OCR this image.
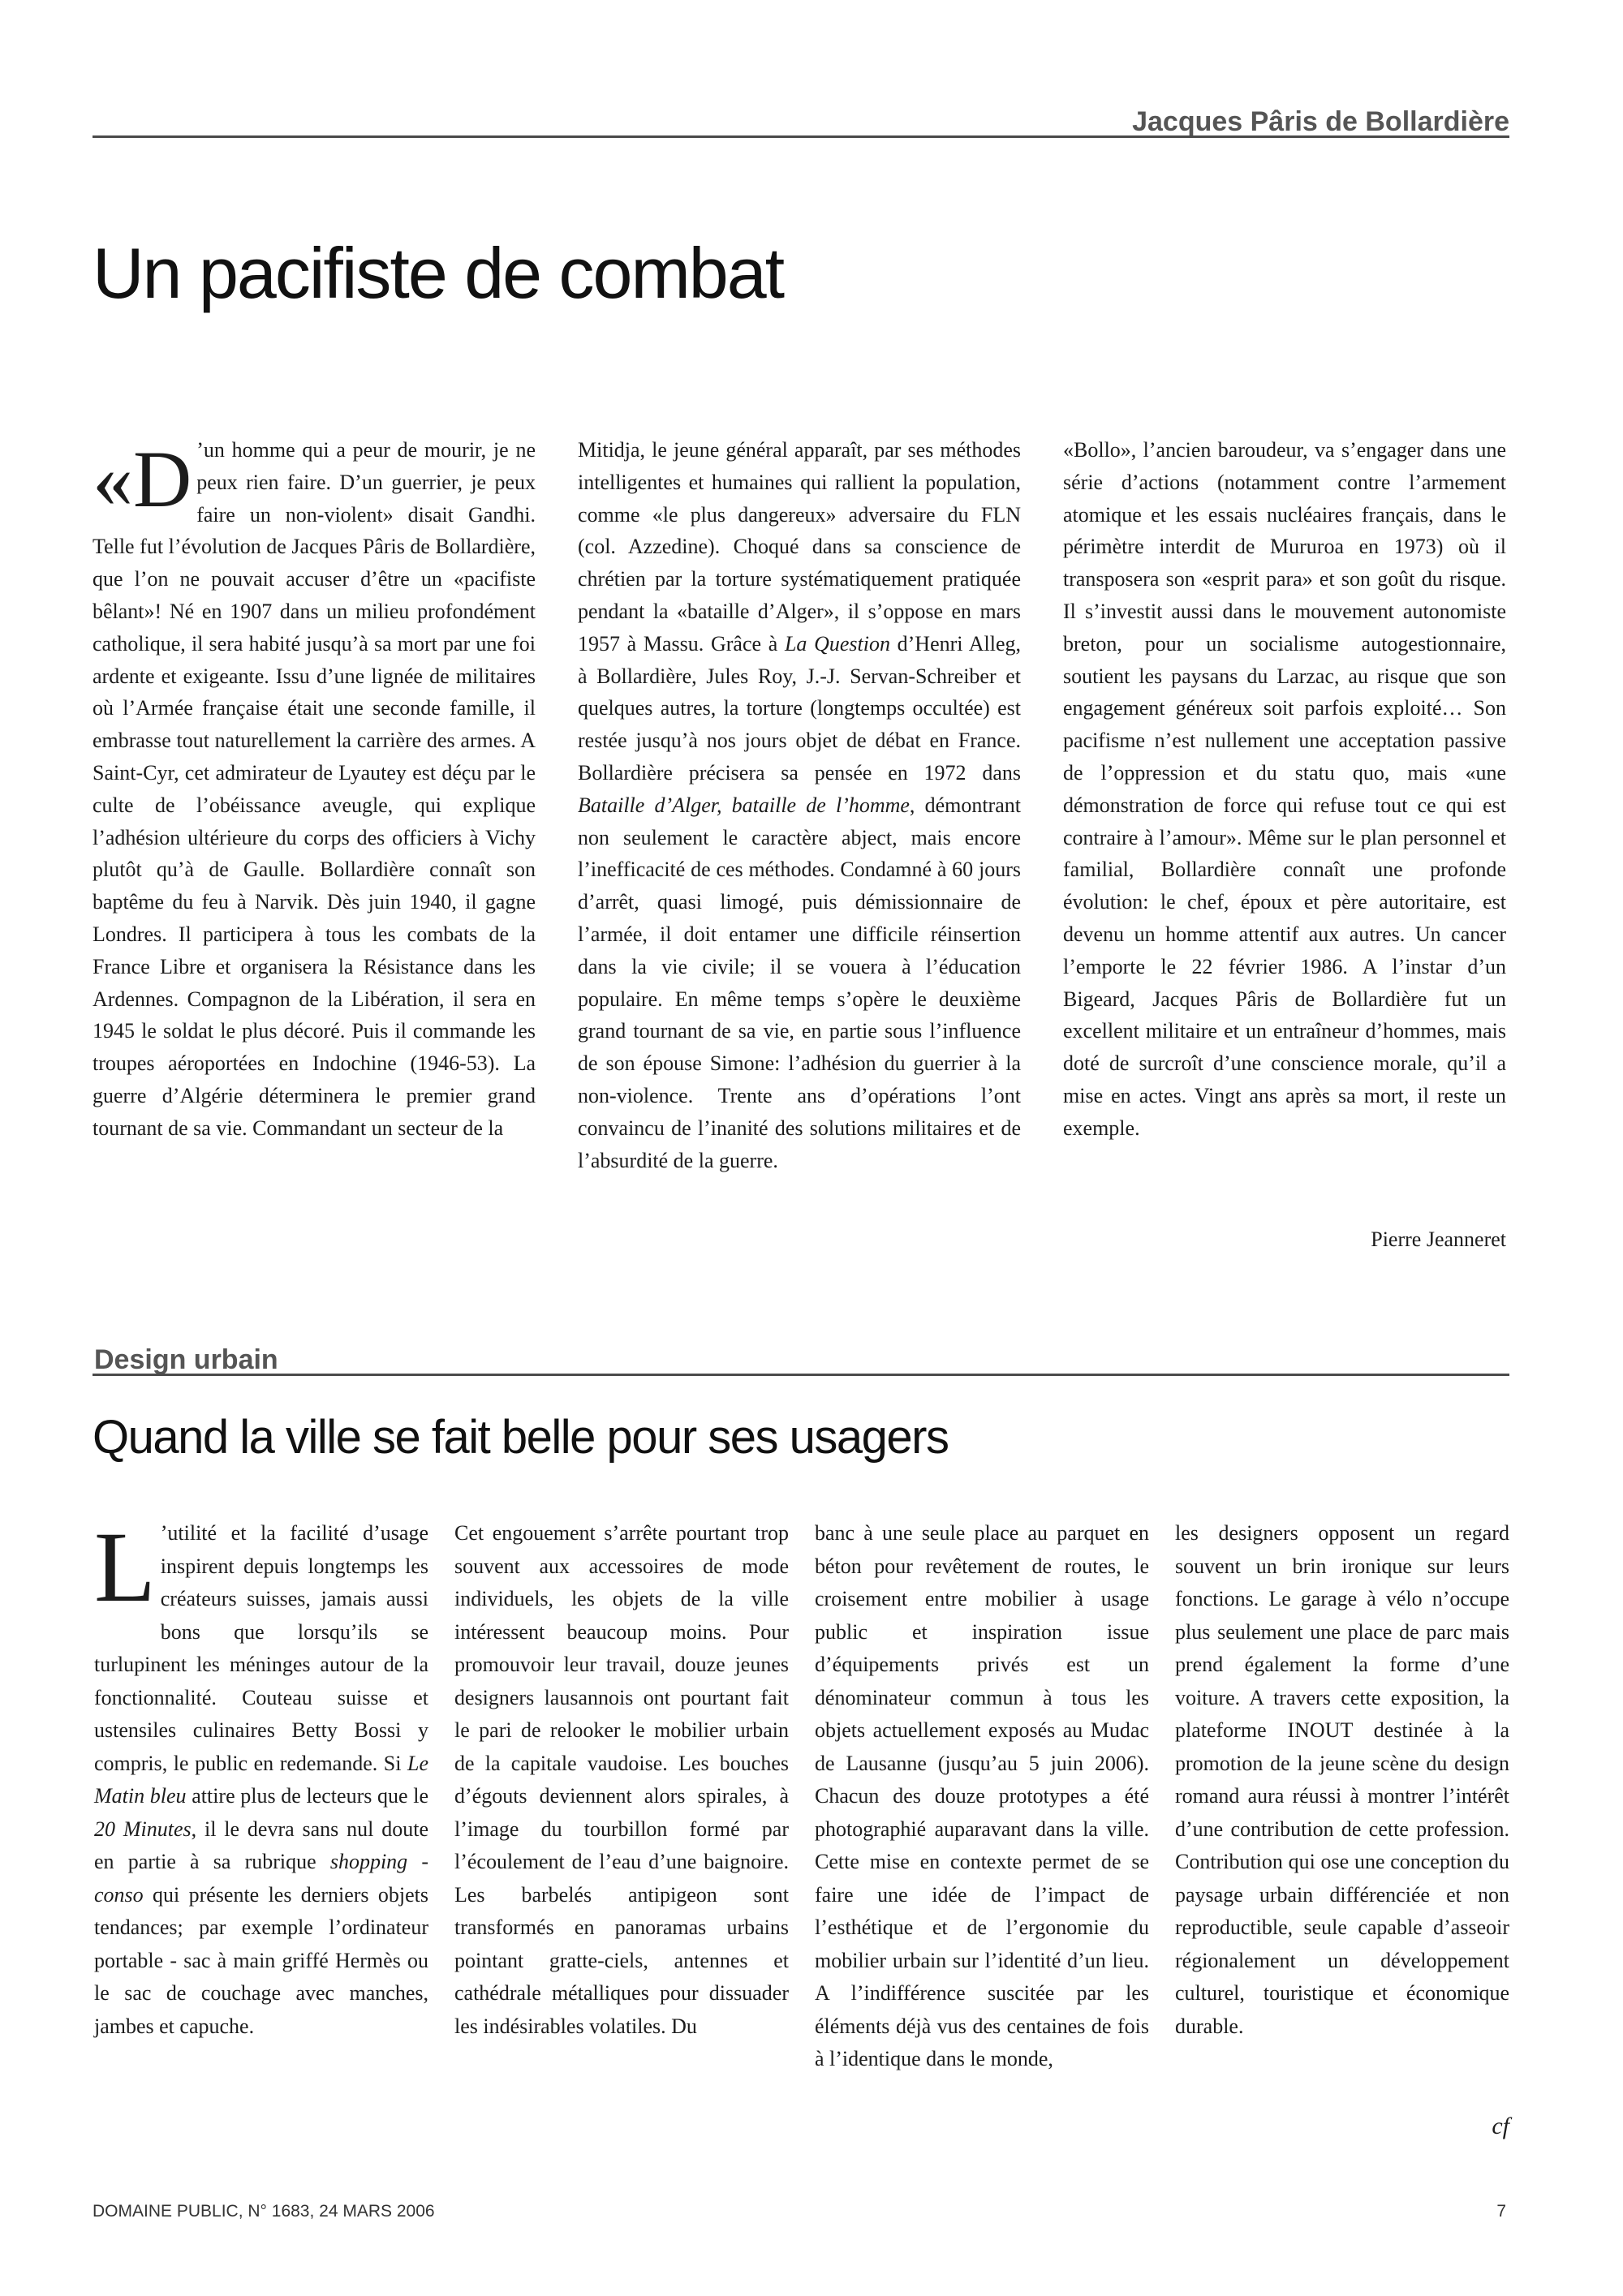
Jacques Pâris de Bollardière
Un pacifiste de combat

«D ’un homme qui a peur de mourir, je ne peux rien faire. D’un guerrier, je peux faire un non-violent» disait Gandhi. Telle fut l’évolution de Jacques Pâris de Bollardière, que l’on ne pouvait accuser d’être un «pacifiste bêlant»! Né en 1907 dans un milieu profondément catholique, il sera habité jusqu’à sa mort par une foi ardente et exigeante. Issu d’une lignée de militaires où l’Armée française était une seconde famille, il embrasse tout naturellement la carrière des armes. A Saint-Cyr, cet admirateur de Lyautey est déçu par le culte de l’obéissance aveugle, qui explique l’adhésion ultérieure du corps des officiers à Vichy plutôt qu’à de Gaulle. Bollardière connaît son baptême du feu à Narvik. Dès juin 1940, il gagne Londres. Il participera à tous les combats de la France Libre et organisera la Résistance dans les Ardennes. Compagnon de la Libération, il sera en 1945 le soldat le plus décoré. Puis il commande les troupes aéroportées en Indochine (1946-53). La guerre d’Algérie déterminera le premier grand tournant de sa vie. Commandant un secteur de la

Mitidja, le jeune général apparaît, par ses méthodes intelligentes et humaines qui rallient la population, comme «le plus dangereux» adversaire du FLN (col. Azzedine). Choqué dans sa conscience de chrétien par la torture systématiquement pratiquée pendant la «bataille d’Alger», il s’oppose en mars 1957 à Massu. Grâce à La Question d’Henri Alleg, à Bollardière, Jules Roy, J.-J. Servan-Schreiber et quelques autres, la torture (longtemps occultée) est restée jusqu’à nos jours objet de débat en France. Bollardière précisera sa pensée en 1972 dans Bataille d’Alger, bataille de l’homme, démontrant non seulement le caractère abject, mais encore l’inefficacité de ces méthodes. Condamné à 60 jours d’arrêt, quasi limogé, puis démissionnaire de l’armée, il doit entamer une difficile réinsertion dans la vie civile; il se vouera à l’éducation populaire. En même temps s’opère le deuxième grand tournant de sa vie, en partie sous l’influence de son épouse Simone: l’adhésion du guerrier à la non-violence. Trente ans d’opérations l’ont convaincu de l’inanité des solutions militaires et de l’absurdité de la guerre.

«Bollo», l’ancien baroudeur, va s’engager dans une série d’actions (notamment contre l’armement atomique et les essais nucléaires français, dans le périmètre interdit de Mururoa en 1973) où il transposera son «esprit para» et son goût du risque. Il s’investit aussi dans le mouvement autonomiste breton, pour un socialisme autogestionnaire, soutient les paysans du Larzac, au risque que son engagement généreux soit parfois exploité… Son pacifisme n’est nullement une acceptation passive de l’oppression et du statu quo, mais «une démonstration de force qui refuse tout ce qui est contraire à l’amour». Même sur le plan personnel et familial, Bollardière connaît une profonde évolution: le chef, époux et père autoritaire, est devenu un homme attentif aux autres. Un cancer l’emporte le 22 février 1986. A l’instar d’un Bigeard, Jacques Pâris de Bollardière fut un excellent militaire et un entraîneur d’hommes, mais doté de surcroît d’une conscience morale, qu’il a mise en actes. Vingt ans après sa mort, il reste un exemple.

Pierre Jeanneret
Design urbain
Quand la ville se fait belle pour ses usagers

L ’utilité et la facilité d’usage inspirent depuis longtemps les créateurs suisses, jamais aussi bons que lorsqu’ils se turlupinent les méninges autour de la fonctionnalité. Couteau suisse et ustensiles culinaires Betty Bossi y compris, le public en redemande. Si Le Matin bleu attire plus de lecteurs que le 20 Minutes, il le devra sans nul doute en partie à sa rubrique shopping - conso qui présente les derniers objets tendances; par exemple l’ordinateur portable - sac à main griffé Hermès ou le sac de couchage avec manches, jambes et capuche.

Cet engouement s’arrête pourtant trop souvent aux accessoires de mode individuels, les objets de la ville intéressent beaucoup moins. Pour promouvoir leur travail, douze jeunes designers lausannois ont pourtant fait le pari de relooker le mobilier urbain de la capitale vaudoise. Les bouches d’égouts deviennent alors spirales, à l’image du tourbillon formé par l’écoulement de l’eau d’une baignoire. Les barbelés antipigeon sont transformés en panoramas urbains pointant gratte-ciels, antennes et cathédrale métalliques pour dissuader les indésirables volatiles. Du

banc à une seule place au parquet en béton pour revêtement de routes, le croisement entre mobilier à usage public et inspiration issue d’équipements privés est un dénominateur commun à tous les objets actuellement exposés au Mudac de Lausanne (jusqu’au 5 juin 2006). Chacun des douze prototypes a été photographié auparavant dans la ville. Cette mise en contexte permet de se faire une idée de l’impact de l’esthétique et de l’ergonomie du mobilier urbain sur l’identité d’un lieu. A l’indifférence suscitée par les éléments déjà vus des centaines de fois à l’identique dans le monde,

les designers opposent un regard souvent un brin ironique sur leurs fonctions. Le garage à vélo n’occupe plus seulement une place de parc mais prend également la forme d’une voiture. A travers cette exposition, la plateforme INOUT destinée à la promotion de la jeune scène du design romand aura réussi à montrer l’intérêt d’une contribution de cette profession. Contribution qui ose une conception du paysage urbain différenciée et non reproductible, seule capable d’asseoir régionalement un développement culturel, touristique et économique durable.

cf
DOMAINE PUBLIC, N° 1683, 24 MARS 2006	7
